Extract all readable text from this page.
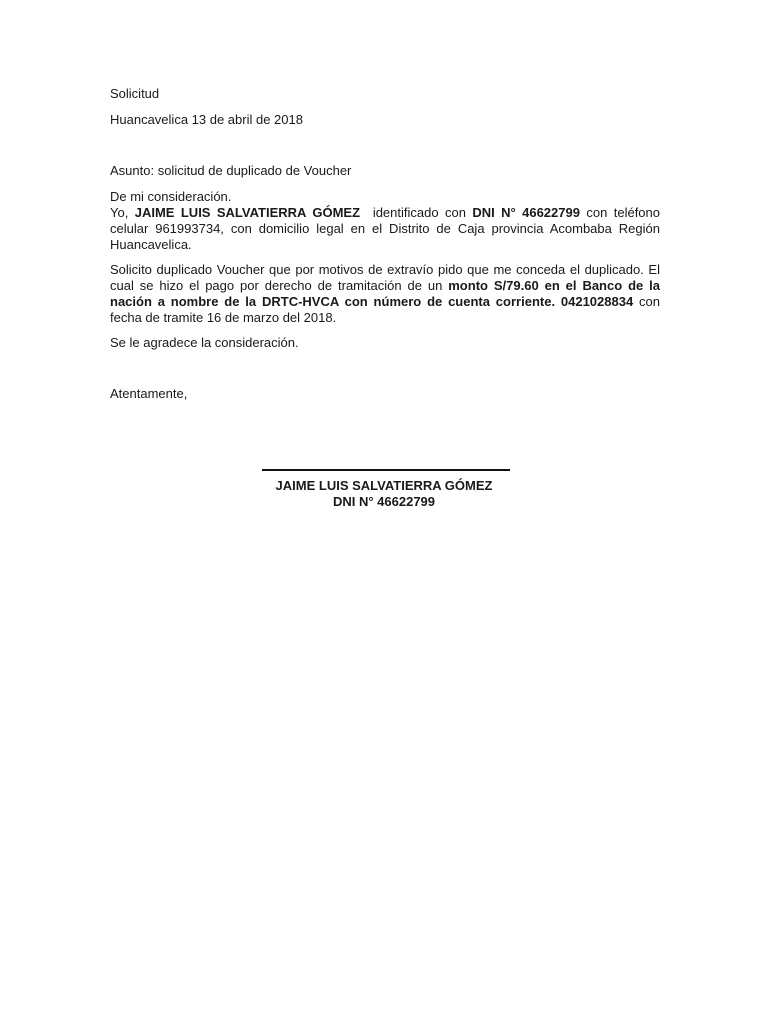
Solicitud

Huancavelica 13 de abril de 2018

Asunto: solicitud de duplicado de Voucher

De mi consideración.

Yo, JAIME LUIS SALVATIERRA GÓMEZ  identificado con DNI N° 46622799 con teléfono celular 961993734, con domicilio legal en el Distrito de Caja provincia Acombaba Región Huancavelica.

Solicito duplicado Voucher que por motivos de extravío pido que me conceda el duplicado. El cual se hizo el pago por derecho de tramitación de un monto S/79.60 en el Banco de la nación a nombre de la DRTC-HVCA con número de cuenta corriente. 0421028834 con fecha de tramite 16 de marzo del 2018.

Se le agradece la consideración.

Atentamente,

JAIME LUIS SALVATIERRA GÓMEZ

DNI N° 46622799
